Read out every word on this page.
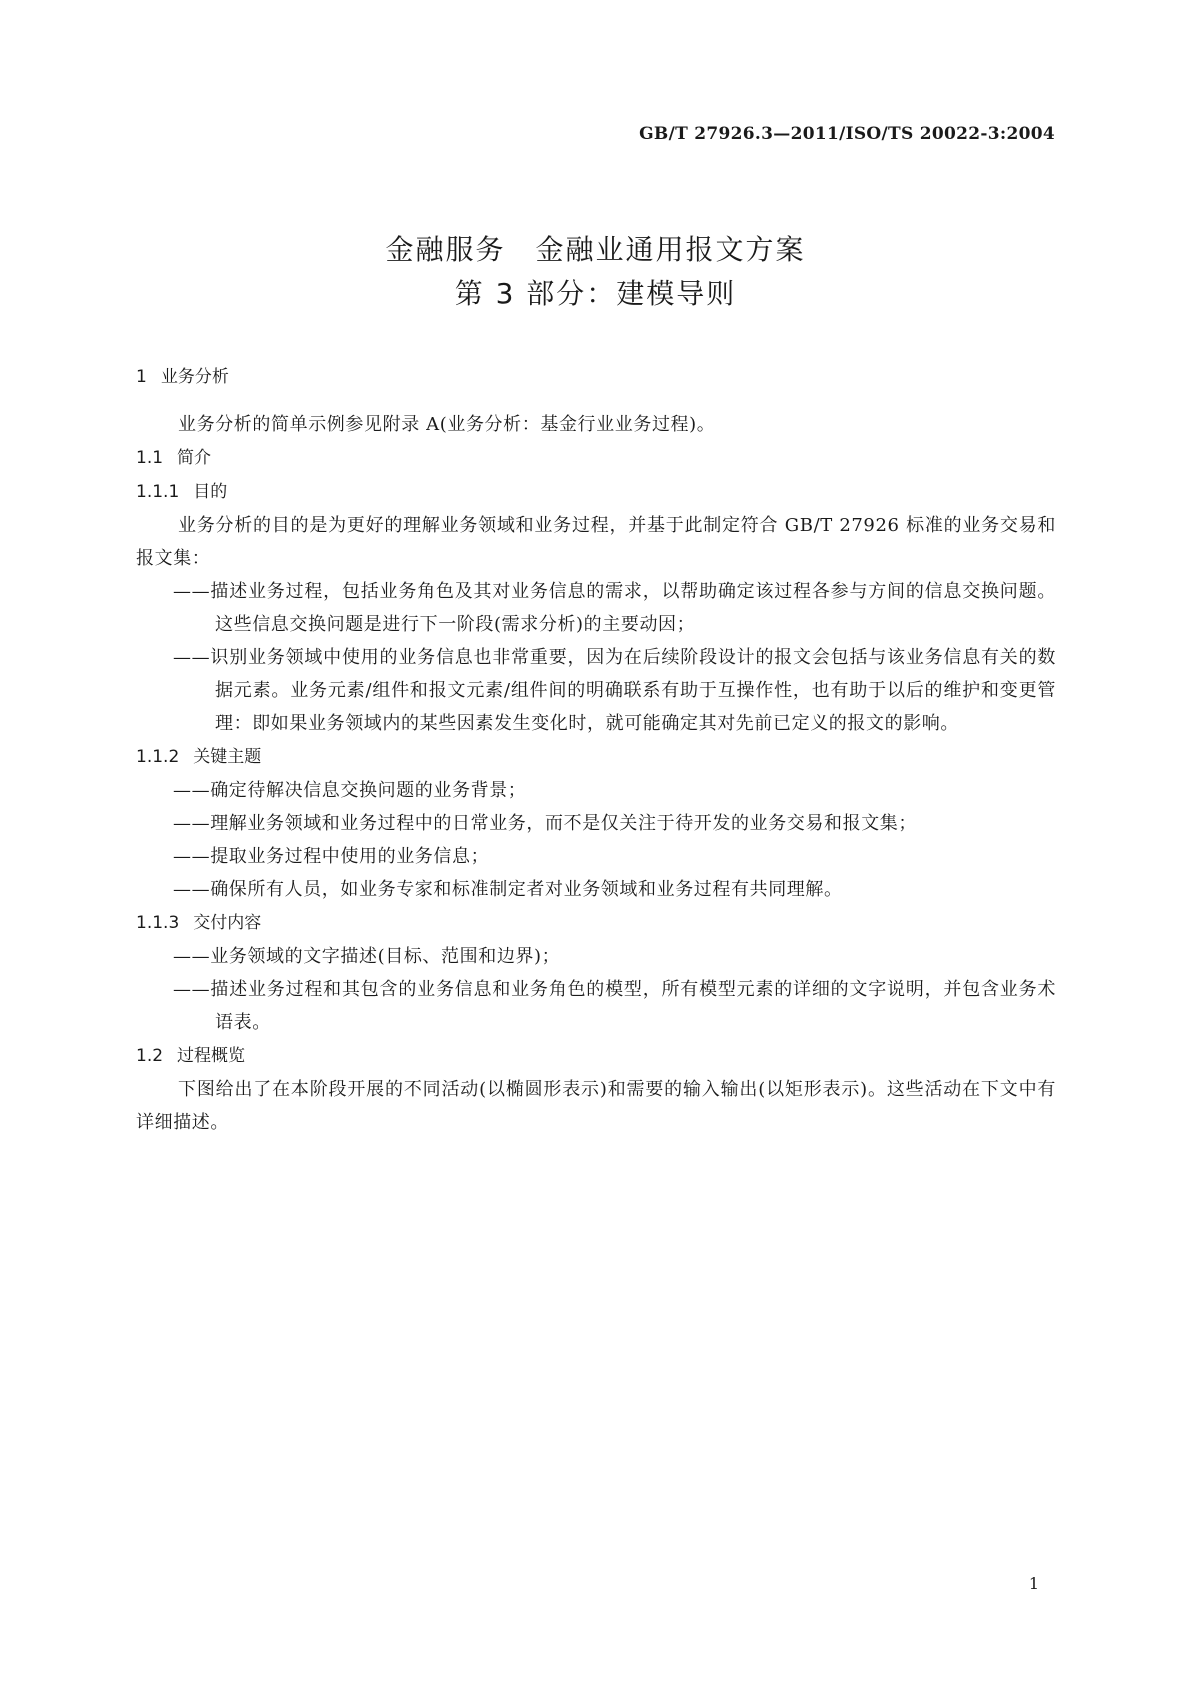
GB/T 27926.3—2011/ISO/TS 20022-3:2004
金融服务　金融业通用报文方案
第 3 部分：建模导则
1 业务分析
业务分析的简单示例参见附录 A(业务分析：基金行业业务过程)。
1.1 简介
1.1.1 目的
业务分析的目的是为更好的理解业务领域和业务过程，并基于此制定符合 GB/T 27926 标准的业务交易和报文集：
——描述业务过程，包括业务角色及其对业务信息的需求，以帮助确定该过程各参与方间的信息交换问题。这些信息交换问题是进行下一阶段(需求分析)的主要动因；
——识别业务领域中使用的业务信息也非常重要，因为在后续阶段设计的报文会包括与该业务信息有关的数据元素。业务元素/组件和报文元素/组件间的明确联系有助于互操作性，也有助于以后的维护和变更管理：即如果业务领域内的某些因素发生变化时，就可能确定其对先前已定义的报文的影响。
1.1.2 关键主题
——确定待解决信息交换问题的业务背景；
——理解业务领域和业务过程中的日常业务，而不是仅关注于待开发的业务交易和报文集；
——提取业务过程中使用的业务信息；
——确保所有人员，如业务专家和标准制定者对业务领域和业务过程有共同理解。
1.1.3 交付内容
——业务领域的文字描述(目标、范围和边界)；
——描述业务过程和其包含的业务信息和业务角色的模型，所有模型元素的详细的文字说明，并包含业务术语表。
1.2 过程概览
下图给出了在本阶段开展的不同活动(以椭圆形表示)和需要的输入输出(以矩形表示)。这些活动在下文中有详细描述。
1
